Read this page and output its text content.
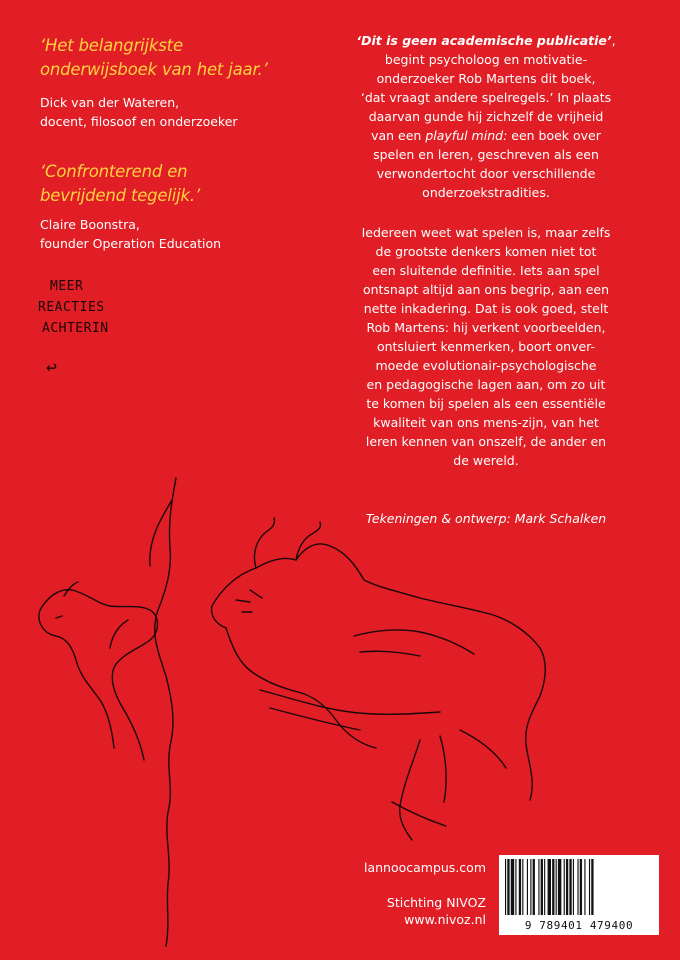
‘Het belangrijkste
onderwijsboek van het jaar.’
Dick van der Wateren,
docent, filosoof en onderzoeker
‘Confronterend en
bevrijdend tegelijk.’
Claire Boonstra,
founder Operation Education
MEER
REACTIES
ACHTERIN
↩
‘Dit is geen academische publicatie’,
begint psycholoog en motivatie-
onderzoeker Rob Martens dit boek,
‘dat vraagt andere spelregels.’ In plaats
daarvan gunde hij zichzelf de vrijheid
van een playful mind: een boek over
spelen en leren, geschreven als een
verwondertocht door verschillende
onderzoekstradities.
Iedereen weet wat spelen is, maar zelfs
de grootste denkers komen niet tot
een sluitende definitie. Iets aan spel
ontsnapt altijd aan ons begrip, aan een
nette inkadering. Dat is ook goed, stelt
Rob Martens: hij verkent voorbeelden,
ontsluiert kenmerken, boort onver-
moede evolutionair-psychologische
en pedagogische lagen aan, om zo uit
te komen bij spelen als een essentiële
kwaliteit van ons mens-zijn, van het
leren kennen van onszelf, de ander en
de wereld.
Tekeningen & ontwerp: Mark Schalken
lannoocampus.com
Stichting NIVOZ
www.nivoz.nl	9 789401 479400
